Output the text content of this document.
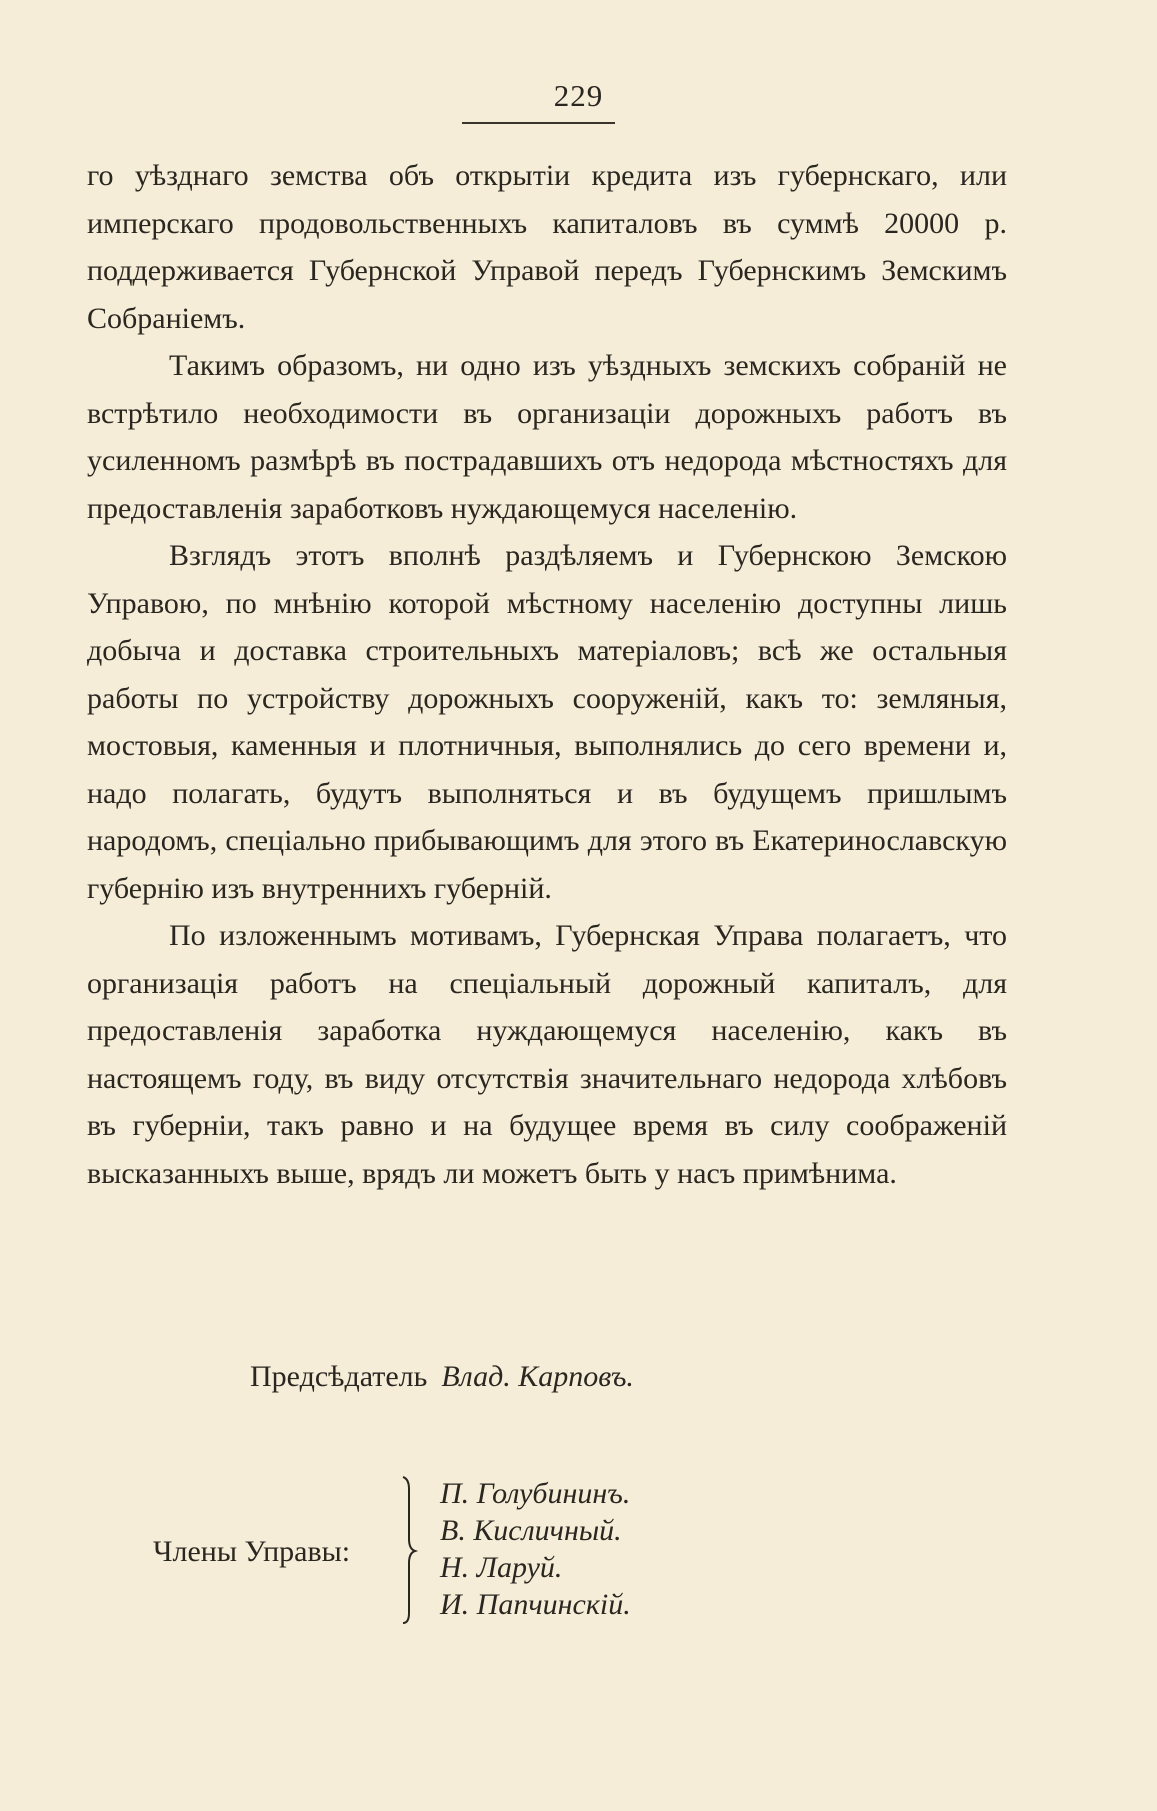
229

го уѣзднаго земства объ открытіи кредита изъ губернскаго, или имперскаго продовольственныхъ капиталовъ въ суммѣ 20000 р. поддерживается Губернской Управой передъ Губернскимъ Земскимъ Собраніемъ.

Такимъ образомъ, ни одно изъ уѣздныхъ земскихъ собраній не встрѣтило необходимости въ организаціи дорожныхъ работъ въ усиленномъ размѣрѣ въ пострадавшихъ отъ недорода мѣстностяхъ для предоставленія заработковъ нуждающемуся населенію.

Взглядъ этотъ вполнѣ раздѣляемъ и Губернскою Земскою Управою, по мнѣнію которой мѣстному населенію доступны лишь добыча и доставка строительныхъ матеріаловъ; всѣ же остальныя работы по устройству дорожныхъ сооруженій, какъ то: земляныя, мостовыя, каменныя и плотничныя, выполнялись до сего времени и, надо полагать, будутъ выполняться и въ будущемъ пришлымъ народомъ, спеціально прибывающимъ для этого въ Екатеринославскую губернію изъ внутреннихъ губерній.

По изложеннымъ мотивамъ, Губернская Управа полагаетъ, что организація работъ на спеціальный дорожный капиталъ, для предоставленія заработка нуждающемуся населенію, какъ въ настоящемъ году, въ виду отсутствія значительнаго недорода хлѣбовъ въ губерніи, такъ равно и на будущее время въ силу соображеній высказанныхъ выше, врядъ ли можетъ быть у насъ примѣнима.

Предсѣдатель Влад. Карповъ.
Члены Управы:
П. Голубининъ.
В. Кисличный.
Н. Ларуй.
И. Папчинскій.
